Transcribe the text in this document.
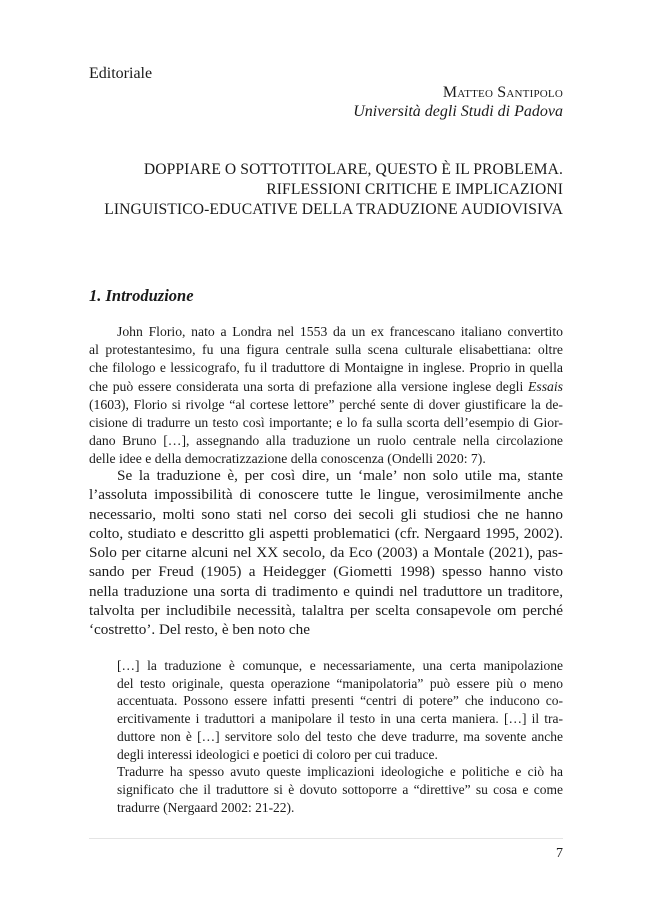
Editoriale
Matteo Santipolo
Università degli Studi di Padova
DOPPIARE O SOTTOTITOLARE, QUESTO È IL PROBLEMA.
RIFLESSIONI CRITICHE E IMPLICAZIONI
LINGUISTICO-EDUCATIVE DELLA TRADUZIONE AUDIOVISIVA
1. Introduzione
John Florio, nato a Londra nel 1553 da un ex francescano italiano convertito
al protestantesimo, fu una figura centrale sulla scena culturale elisabettiana: oltre
che filologo e lessicografo, fu il traduttore di Montaigne in inglese. Proprio in quella
che può essere considerata una sorta di prefazione alla versione inglese degli Essais
(1603), Florio si rivolge “al cortese lettore” perché sente di dover giustificare la de-
cisione di tradurre un testo così importante; e lo fa sulla scorta dell’esempio di Gior-
dano Bruno […], assegnando alla traduzione un ruolo centrale nella circolazione
delle idee e della democratizzazione della conoscenza (Ondelli 2020: 7).
Se la traduzione è, per così dire, un ‘male’ non solo utile ma, stante
l’assoluta impossibilità di conoscere tutte le lingue, verosimilmente anche
necessario, molti sono stati nel corso dei secoli gli studiosi che ne hanno
colto, studiato e descritto gli aspetti problematici (cfr. Nergaard 1995, 2002).
Solo per citarne alcuni nel XX secolo, da Eco (2003) a Montale (2021), pas-
sando per Freud (1905) a Heidegger (Giometti 1998) spesso hanno visto
nella traduzione una sorta di tradimento e quindi nel traduttore un traditore,
talvolta per includibile necessità, talaltra per scelta consapevole om perché
‘costretto’. Del resto, è ben noto che
[…] la traduzione è comunque, e necessariamente, una certa manipolazione
del testo originale, questa operazione “manipolatoria” può essere più o meno
accentuata. Possono essere infatti presenti “centri di potere” che inducono co-
ercitivamente i traduttori a manipolare il testo in una certa maniera. […] il tra-
duttore non è […] servitore solo del testo che deve tradurre, ma sovente anche
degli interessi ideologici e poetici di coloro per cui traduce.
Tradurre ha spesso avuto queste implicazioni ideologiche e politiche e ciò ha
significato che il traduttore si è dovuto sottoporre a “direttive” su cosa e come
tradurre (Nergaard 2002: 21-22).
7
